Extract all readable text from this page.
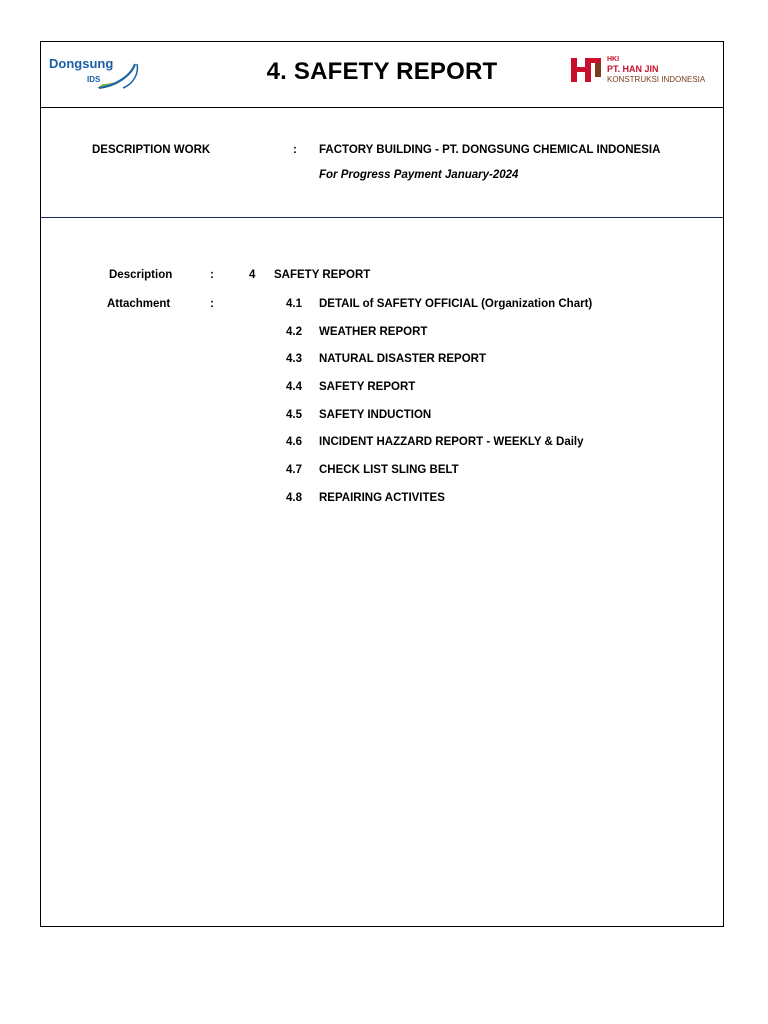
Dongsung
IDS	4. SAFETY REPORT	HKI
PT. HAN JIN
KONSTRUKSI INDONESIA
DESCRIPTION WORK	: FACTORY BUILDING - PT. DONGSUNG CHEMICAL INDONESIA
For Progress Payment January-2024
Description	:	4 SAFETY REPORT
Attachment	:	4.1 DETAIL of SAFETY OFFICIAL (Organization Chart)
4.2 WEATHER REPORT
4.3 NATURAL DISASTER REPORT
4.4 SAFETY REPORT
4.5 SAFETY INDUCTION
4.6 INCIDENT HAZZARD REPORT - WEEKLY & Daily
4.7 CHECK LIST SLING BELT
4.8 REPAIRING ACTIVITES
